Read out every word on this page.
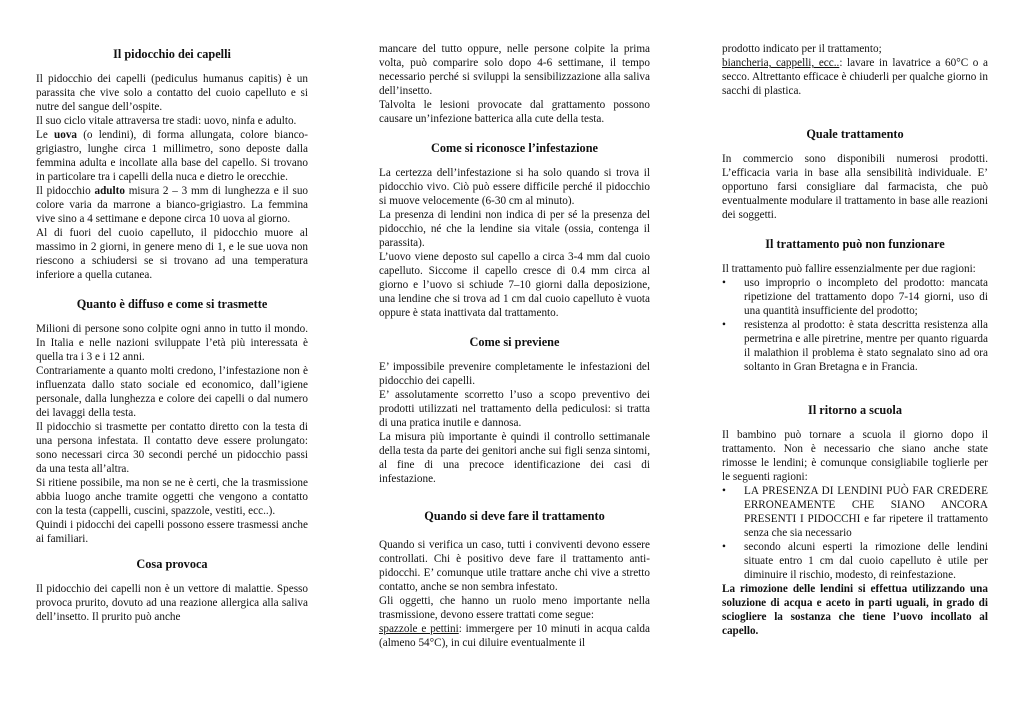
Il pidocchio dei capelli

Il pidocchio dei capelli (pediculus humanus capitis) è un parassita che vive solo a contatto del cuoio capelluto e si nutre del sangue dell’ospite.

Il suo ciclo vitale attraversa tre stadi: uovo, ninfa e adulto.

Le uova (o lendini), di forma allungata, colore bianco-grigiastro, lunghe circa 1 millimetro, sono deposte dalla femmina adulta e incollate alla base del capello. Si trovano in particolare tra i capelli della nuca e dietro le orecchie.

Il pidocchio adulto misura 2 – 3 mm di lunghezza e il suo colore varia da marrone a bianco-grigiastro. La femmina vive sino a 4 settimane e depone circa 10 uova al giorno.

Al di fuori del cuoio capelluto, il pidocchio muore al massimo in 2 giorni, in genere meno di 1, e le sue uova non riescono a schiudersi se si trovano ad una temperatura inferiore a quella cutanea.

Quanto è diffuso e come si trasmette

Milioni di persone sono colpite ogni anno in tutto il mondo. In Italia e nelle nazioni sviluppate l’età più interessata è quella tra i 3 e i 12 anni.

Contrariamente a quanto molti credono, l’infestazione non è influenzata dallo stato sociale ed economico, dall’igiene personale, dalla lunghezza e colore dei capelli o dal numero dei lavaggi della testa.

Il pidocchio si trasmette per contatto diretto con la testa di una persona infestata. Il contatto deve essere prolungato: sono necessari circa 30 secondi perché un pidocchio passi da una testa all’altra.

Si ritiene possibile, ma non se ne è certi, che la trasmissione abbia luogo anche tramite oggetti che vengono a contatto con la testa (cappelli, cuscini, spazzole, vestiti, ecc..).

Quindi i pidocchi dei capelli possono essere trasmessi anche ai familiari.

Cosa provoca

Il pidocchio dei capelli non è un vettore di malattie. Spesso provoca prurito, dovuto ad una reazione allergica alla saliva dell’insetto. Il prurito può anche

mancare del tutto oppure, nelle persone colpite la prima volta, può comparire solo dopo 4-6 settimane, il tempo necessario perché si sviluppi la sensibilizzazione alla saliva dell’insetto.

Talvolta le lesioni provocate dal grattamento possono causare un’infezione batterica alla cute della testa.

Come si riconosce l’infestazione

La certezza dell’infestazione si ha solo quando si trova il pidocchio vivo. Ciò può essere difficile perché il pidocchio si muove velocemente (6-30 cm al minuto).

La presenza di lendini non indica di per sé la presenza del pidocchio, né che la lendine sia vitale (ossia, contenga il parassita).

L’uovo viene deposto sul capello a circa 3-4 mm dal cuoio capelluto. Siccome il capello cresce di 0.4 mm circa al giorno e l’uovo si schiude 7–10 giorni dalla deposizione, una lendine che si trova ad 1 cm dal cuoio capelluto è vuota oppure è stata inattivata dal trattamento.

Come si previene

E’ impossibile prevenire completamente le infestazioni del pidocchio dei capelli.

E’ assolutamente scorretto l’uso a scopo preventivo dei prodotti utilizzati nel trattamento della pediculosi: si tratta di una pratica inutile e dannosa.

La misura più importante è quindi il controllo settimanale della testa da parte dei genitori anche sui figli senza sintomi, al fine di una precoce identificazione dei casi di infestazione.

Quando si deve fare il trattamento

Quando si verifica un caso, tutti i conviventi devono essere controllati. Chi è positivo deve fare il trattamento anti-pidocchi. E’ comunque utile trattare anche chi vive a stretto contatto, anche se non sembra infestato.

Gli oggetti, che hanno un ruolo meno importante nella trasmissione, devono essere trattati come segue:

spazzole e pettini: immergere per 10 minuti in acqua calda (almeno 54°C), in cui diluire eventualmente il

prodotto indicato per il trattamento;

biancheria, cappelli, ecc..: lavare in lavatrice a 60°C o a secco. Altrettanto efficace è chiuderli per qualche giorno in sacchi di plastica.

Quale trattamento

In commercio sono disponibili numerosi prodotti. L’efficacia varia in base alla sensibilità individuale. E’ opportuno farsi consigliare dal farmacista, che può eventualmente modulare il trattamento in base alle reazioni dei soggetti.

Il trattamento può non funzionare

Il trattamento può fallire essenzialmente per due ragioni:

•	uso improprio o incompleto del prodotto: mancata ripetizione del trattamento dopo 7-14 giorni, uso di una quantità insufficiente del prodotto;
•	resistenza al prodotto: è stata descritta resistenza alla permetrina e alle piretrine, mentre per quanto riguarda il malathion il problema è stato segnalato sino ad ora soltanto in Gran Bretagna e in Francia.
Il ritorno a scuola

Il bambino può tornare a scuola il giorno dopo il trattamento. Non è necessario che siano anche state rimosse le lendini; è comunque consigliabile toglierle per le seguenti ragioni:

•	LA PRESENZA DI LENDINI PUÒ FAR CREDERE ERRONEAMENTE CHE SIANO ANCORA PRESENTI I PIDOCCHI e far ripetere il trattamento senza che sia necessario
•	secondo alcuni esperti la rimozione delle lendini situate entro 1 cm dal cuoio capelluto è utile per diminuire il rischio, modesto, di reinfestazione.

La rimozione delle lendini si effettua utilizzando una soluzione di acqua e aceto in parti uguali, in grado di sciogliere la sostanza che tiene l’uovo incollato al capello.
